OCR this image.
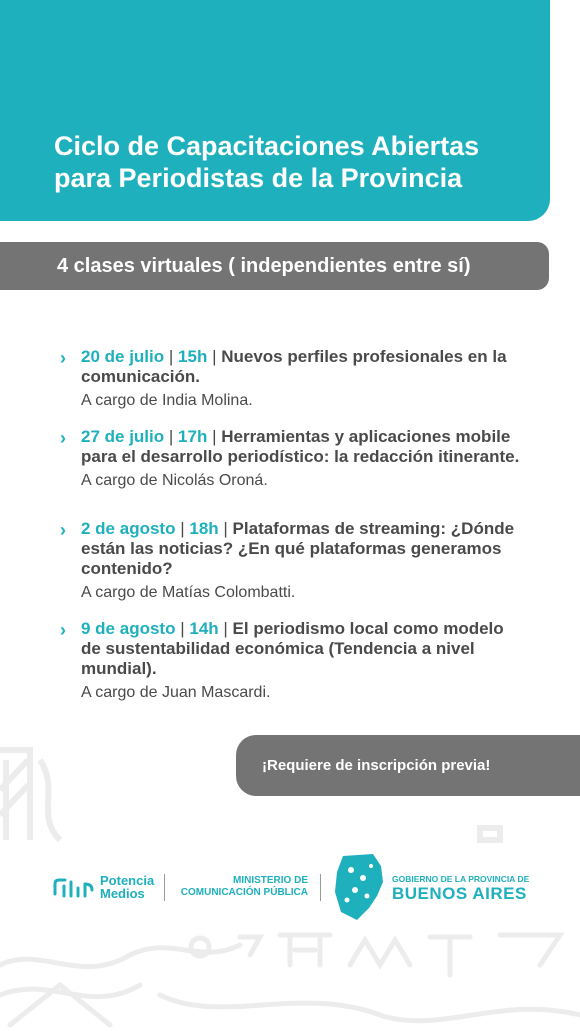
Ciclo de Capacitaciones Abiertas
para Periodistas de la Provincia
4 clases virtuales ( independientes entre sí)
› 20 de julio | 15h | Nuevos perfiles profesionales en la comunicación.
A cargo de India Molina.
› 27 de julio | 17h | Herramientas y aplicaciones mobile para el desarrollo periodístico: la redacción itinerante.
A cargo de Nicolás Oroná.
› 2 de agosto | 18h | Plataformas de streaming: ¿Dónde están las noticias? ¿En qué plataformas generamos contenido?
A cargo de Matías Colombatti.
› 9 de agosto | 14h | El periodismo local como modelo de sustentabilidad económica (Tendencia a nivel mundial).
A cargo de Juan Mascardi.
¡Requiere de inscripción previa!
Potencia
Medios
MINISTERIO DE
COMUNICACIÓN PÚBLICA
GOBIERNO DE LA PROVINCIA DE
BUENOS AIRES
